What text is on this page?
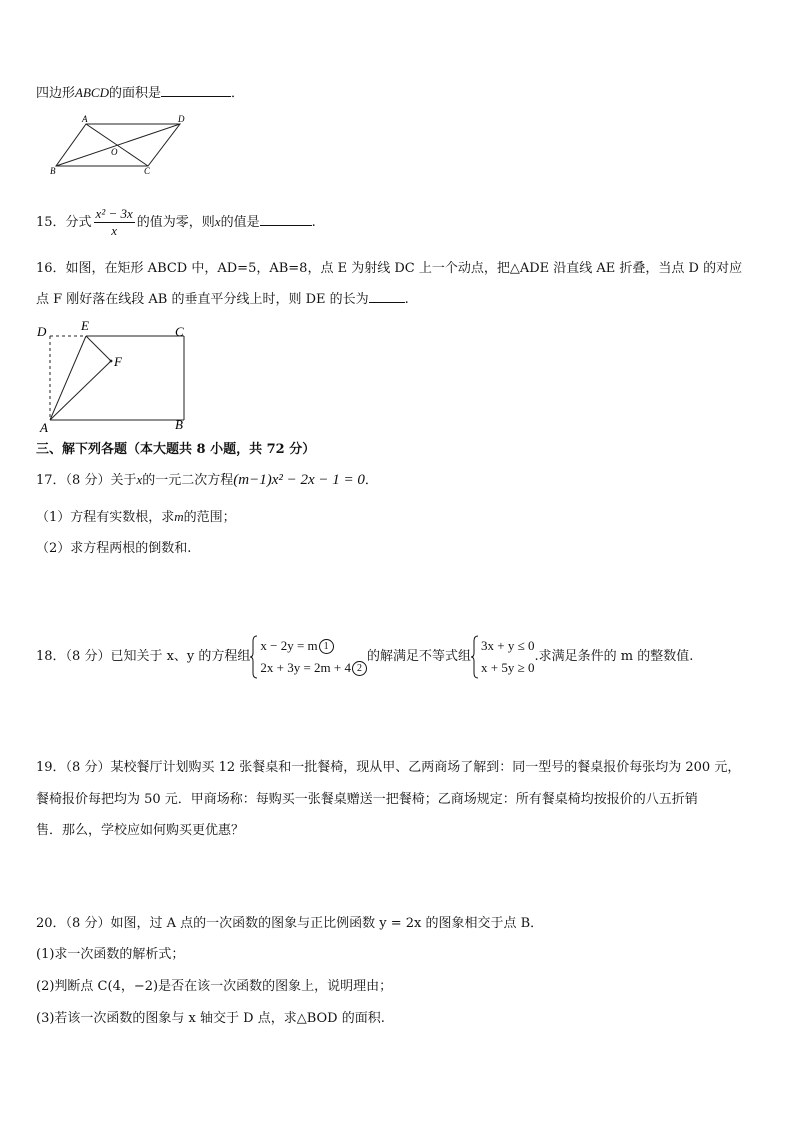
四边形ABCD的面积是	．
A	D
B	C
O
15．分式 $\frac{\text{x² − 3x}}{x}$ 的值为零，则x的值是	.
16．如图，在矩形 ABCD 中，AD=5，AB=8，点 E 为射线 DC 上一个动点，把△ADE 沿直线 AE 折叠，当点 D 的对应
点 F 刚好落在线段 AB 的垂直平分线上时，则 DE 的长为	.
D	E	C
F
A	B
三、解下列各题（本大题共 8 小题，共 72 分）
17．（8 分）关于x的一元二次方程(m−1)x² − 2x − 1 = 0．
（1）方程有实数根，求m的范围；
（2）求方程两根的倒数和.
18．（8 分）已知关于 x、y 的方程组
x − 2y = m 1
2x + 3y = 2m + 4 2
的解满足不等式组
3x + y ≤ 0
x + 5y ≥ 0
.求满足条件的 m 的整数值.
19．（8 分）某校餐厅计划购买 12 张餐桌和一批餐椅，现从甲、乙两商场了解到：同一型号的餐桌报价每张均为 200 元，
餐椅报价每把均为 50 元．甲商场称：每购买一张餐桌赠送一把餐椅；乙商场规定：所有餐桌椅均按报价的八五折销
售．那么，学校应如何购买更优惠？
20．（8 分）如图，过 A 点的一次函数的图象与正比例函数 y = 2x 的图象相交于点 B．
(1)求一次函数的解析式；
(2)判断点 C(4，−2)是否在该一次函数的图象上，说明理由；
(3)若该一次函数的图象与 x 轴交于 D 点，求△BOD 的面积.
